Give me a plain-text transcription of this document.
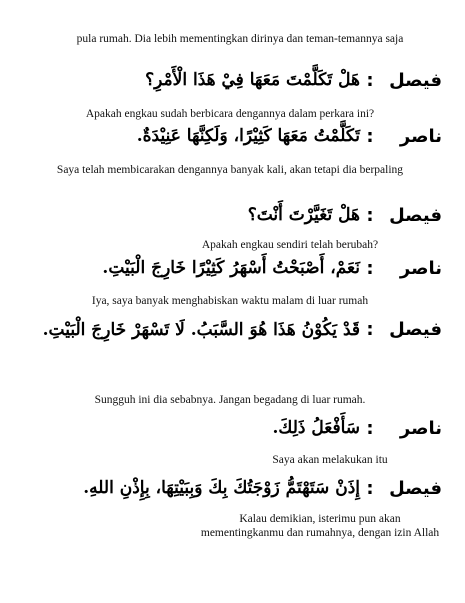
pula rumah. Dia lebih mementingkan dirinya dan teman-temannya saja
فيصل
:
هَلْ تَكَلَّمْتَ مَعَهَا فِيْ هَذَا الْأَمْرِ؟
Apakah engkau sudah berbicara dengannya dalam perkara ini?
ناصر
:
تَكَلَّمْتُ مَعَهَا كَثِيْرًا، وَلَكِنَّهَا عَنِيْدَةٌ.
Saya telah membicarakan dengannya banyak kali, akan tetapi dia berpaling
فيصل
:
هَلْ تَغَيَّرْتَ أَنْتَ؟
Apakah engkau sendiri telah berubah?
ناصر
:
نَعَمْ، أَصْبَحْتُ أَسْهَرُ كَثِيْرًا خَارِجَ الْبَيْتِ.
Iya, saya banyak menghabiskan waktu malam di luar rumah
فيصل
:
قَدْ يَكُوْنُ هَذَا هُوَ السَّبَبُ. لَا تَسْهَرْ خَارِجَ الْبَيْتِ.
Sungguh ini dia sebabnya. Jangan begadang di luar rumah.
ناصر
:
سَأَفْعَلُ ذَلِكَ.
Saya akan melakukan itu
فيصل
:
إِذَنْ سَتَهْتَمُّ زَوْجَتُكَ بِكَ وَبِبَيْتِهَا، بِإِذْنِ اللهِ.
Kalau demikian, isterimu pun akan mementingkanmu dan rumahnya, dengan izin Allah
